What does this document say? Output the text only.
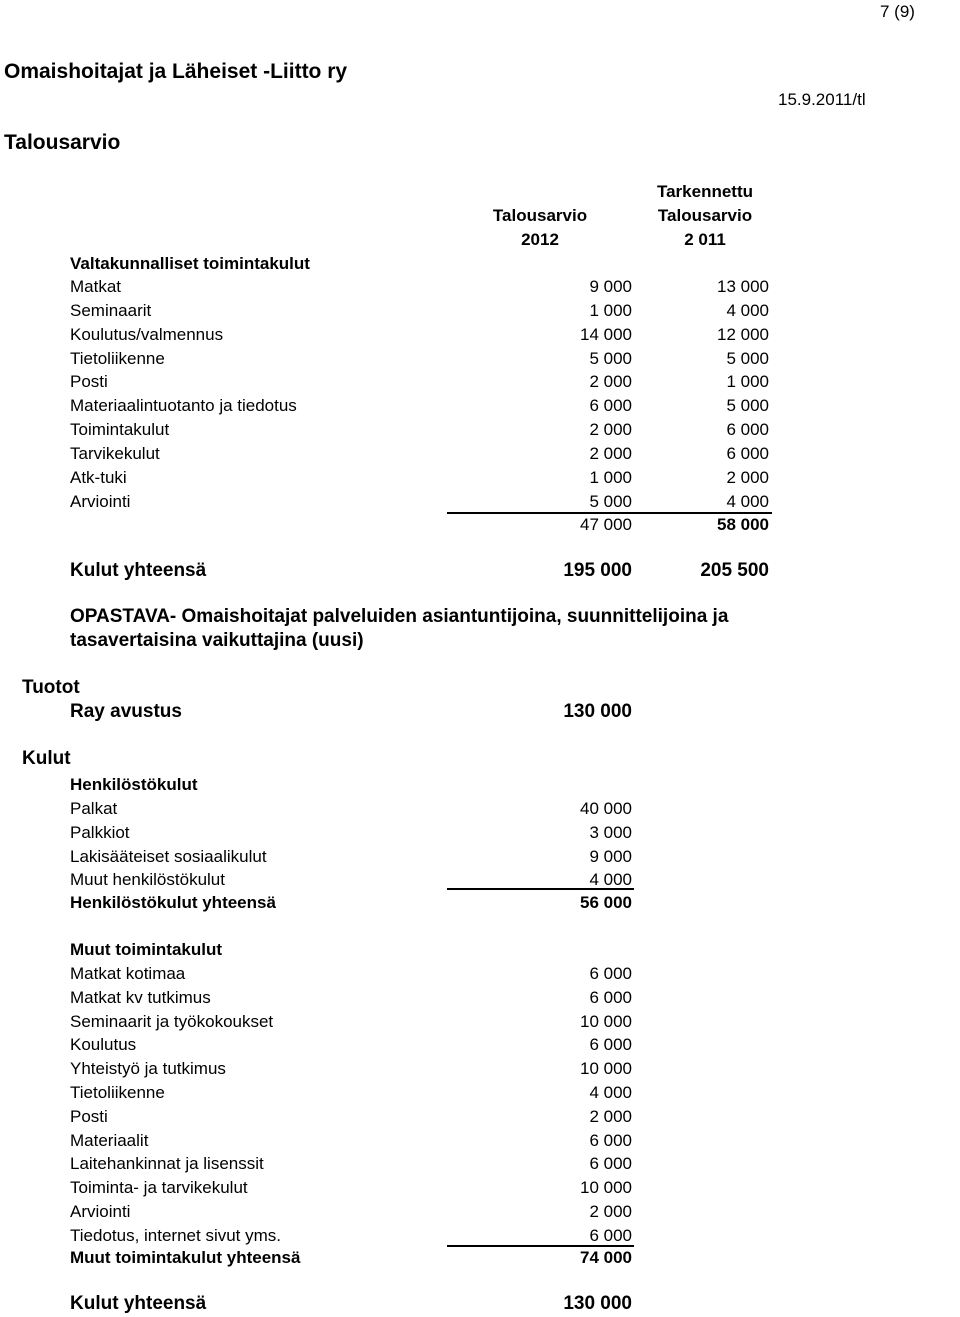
7 (9)
Omaishoitajat ja Läheiset -Liitto ry
15.9.2011/tl
Talousarvio
Tarkennettu
Talousarvio	Talousarvio
2012	2 011
Valtakunnalliset toimintakulut
Matkat	9 000	13 000
Seminaarit	1 000	4 000
Koulutus/valmennus	14 000	12 000
Tietoliikenne	5 000	5 000
Posti	2 000	1 000
Materiaalintuotanto ja tiedotus	6 000	5 000
Toimintakulut	2 000	6 000
Tarvikekulut	2 000	6 000
Atk-tuki	1 000	2 000
Arviointi	5 000	4 000
47 000	58 000
Kulut yhteensä	195 000	205 500
OPASTAVA- Omaishoitajat palveluiden asiantuntijoina, suunnittelijoina ja
tasavertaisina vaikuttajina (uusi)
Tuotot
Ray avustus	130 000
Kulut
Henkilöstökulut
Palkat	40 000
Palkkiot	3 000
Lakisääteiset sosiaalikulut	9 000
Muut henkilöstökulut	4 000
Henkilöstökulut yhteensä	56 000
Muut toimintakulut
Matkat kotimaa	6 000
Matkat kv tutkimus	6 000
Seminaarit ja työkokoukset	10 000
Koulutus	6 000
Yhteistyö ja tutkimus	10 000
Tietoliikenne	4 000
Posti	2 000
Materiaalit	6 000
Laitehankinnat ja lisenssit	6 000
Toiminta- ja tarvikekulut	10 000
Arviointi	2 000
Tiedotus, internet sivut yms.	6 000
Muut toimintakulut yhteensä	74 000
Kulut yhteensä	130 000
